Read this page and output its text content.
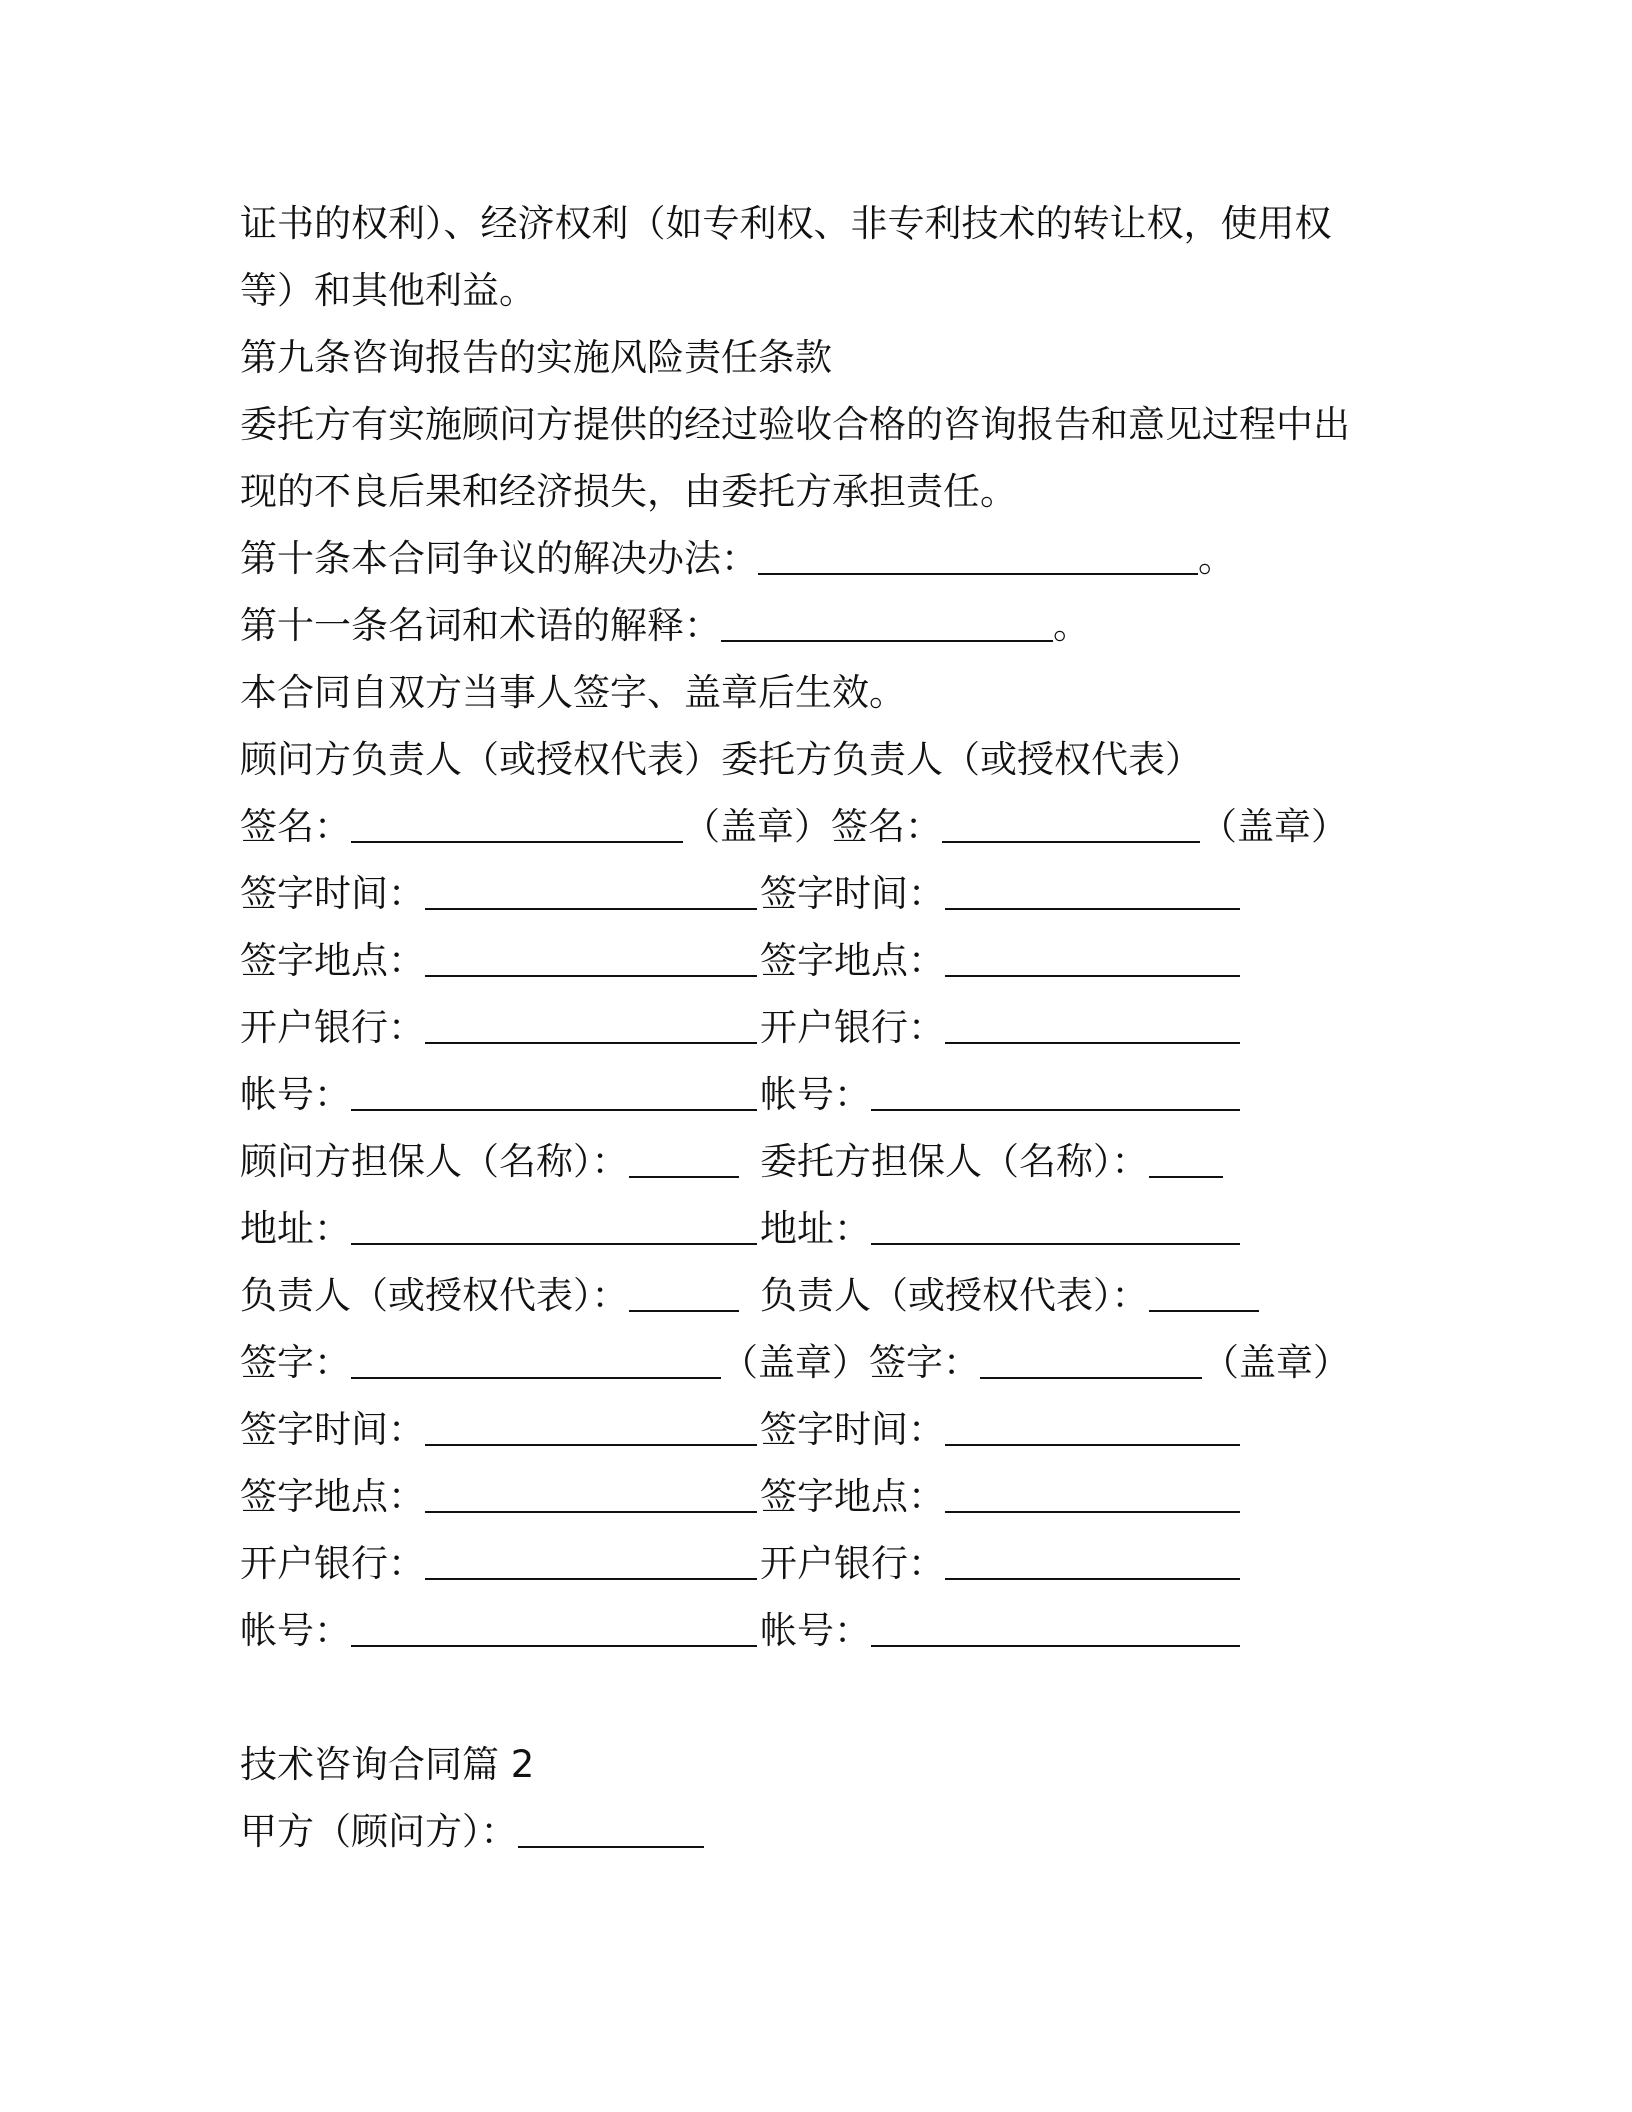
证书的权利）、经济权利（如专利权、非专利技术的转让权，使用权
等）和其他利益。
第九条咨询报告的实施风险责任条款
委托方有实施顾问方提供的经过验收合格的咨询报告和意见过程中出
现的不良后果和经济损失，由委托方承担责任。
第十条本合同争议的解决办法：	。
第十一条名词和术语的解释：	。
本合同自双方当事人签字、盖章后生效。
顾问方负责人（或授权代表）委托方负责人（或授权代表）
签名：	（盖章）签名：	（盖章）
签字时间：	签字时间：
签字地点：	签字地点：
开户银行：	开户银行：
帐号：	帐号：
顾问方担保人（名称）：	委托方担保人（名称）：
地址：	地址：
负责人（或授权代表）：	负责人（或授权代表）：
签字：	（盖章）签字：	（盖章）
签字时间：	签字时间：
签字地点：	签字地点：
开户银行：	开户银行：
帐号：	帐号：
技术咨询合同篇 2
甲方（顾问方）：
